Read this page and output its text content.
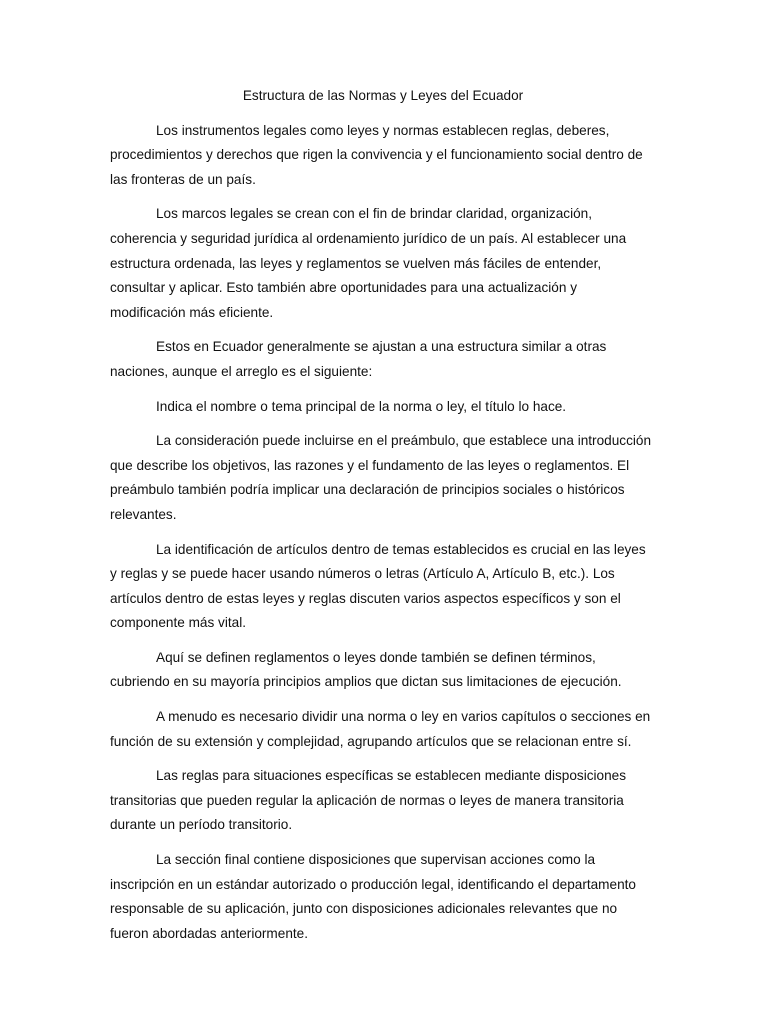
Estructura de las Normas y Leyes del Ecuador

Los instrumentos legales como leyes y normas establecen reglas, deberes, procedimientos y derechos que rigen la convivencia y el funcionamiento social dentro de las fronteras de un país.

Los marcos legales se crean con el fin de brindar claridad, organización, coherencia y seguridad jurídica al ordenamiento jurídico de un país. Al establecer una estructura ordenada, las leyes y reglamentos se vuelven más fáciles de entender, consultar y aplicar. Esto también abre oportunidades para una actualización y modificación más eficiente.

Estos en Ecuador generalmente se ajustan a una estructura similar a otras naciones, aunque el arreglo es el siguiente:

Indica el nombre o tema principal de la norma o ley, el título lo hace.

La consideración puede incluirse en el preámbulo, que establece una introducción que describe los objetivos, las razones y el fundamento de las leyes o reglamentos. El preámbulo también podría implicar una declaración de principios sociales o históricos relevantes.

La identificación de artículos dentro de temas establecidos es crucial en las leyes y reglas y se puede hacer usando números o letras (Artículo A, Artículo B, etc.). Los artículos dentro de estas leyes y reglas discuten varios aspectos específicos y son el componente más vital.

Aquí se definen reglamentos o leyes donde también se definen términos, cubriendo en su mayoría principios amplios que dictan sus limitaciones de ejecución.

A menudo es necesario dividir una norma o ley en varios capítulos o secciones en función de su extensión y complejidad, agrupando artículos que se relacionan entre sí.

Las reglas para situaciones específicas se establecen mediante disposiciones transitorias que pueden regular la aplicación de normas o leyes de manera transitoria durante un período transitorio.

La sección final contiene disposiciones que supervisan acciones como la inscripción en un estándar autorizado o producción legal, identificando el departamento responsable de su aplicación, junto con disposiciones adicionales relevantes que no fueron abordadas anteriormente.
